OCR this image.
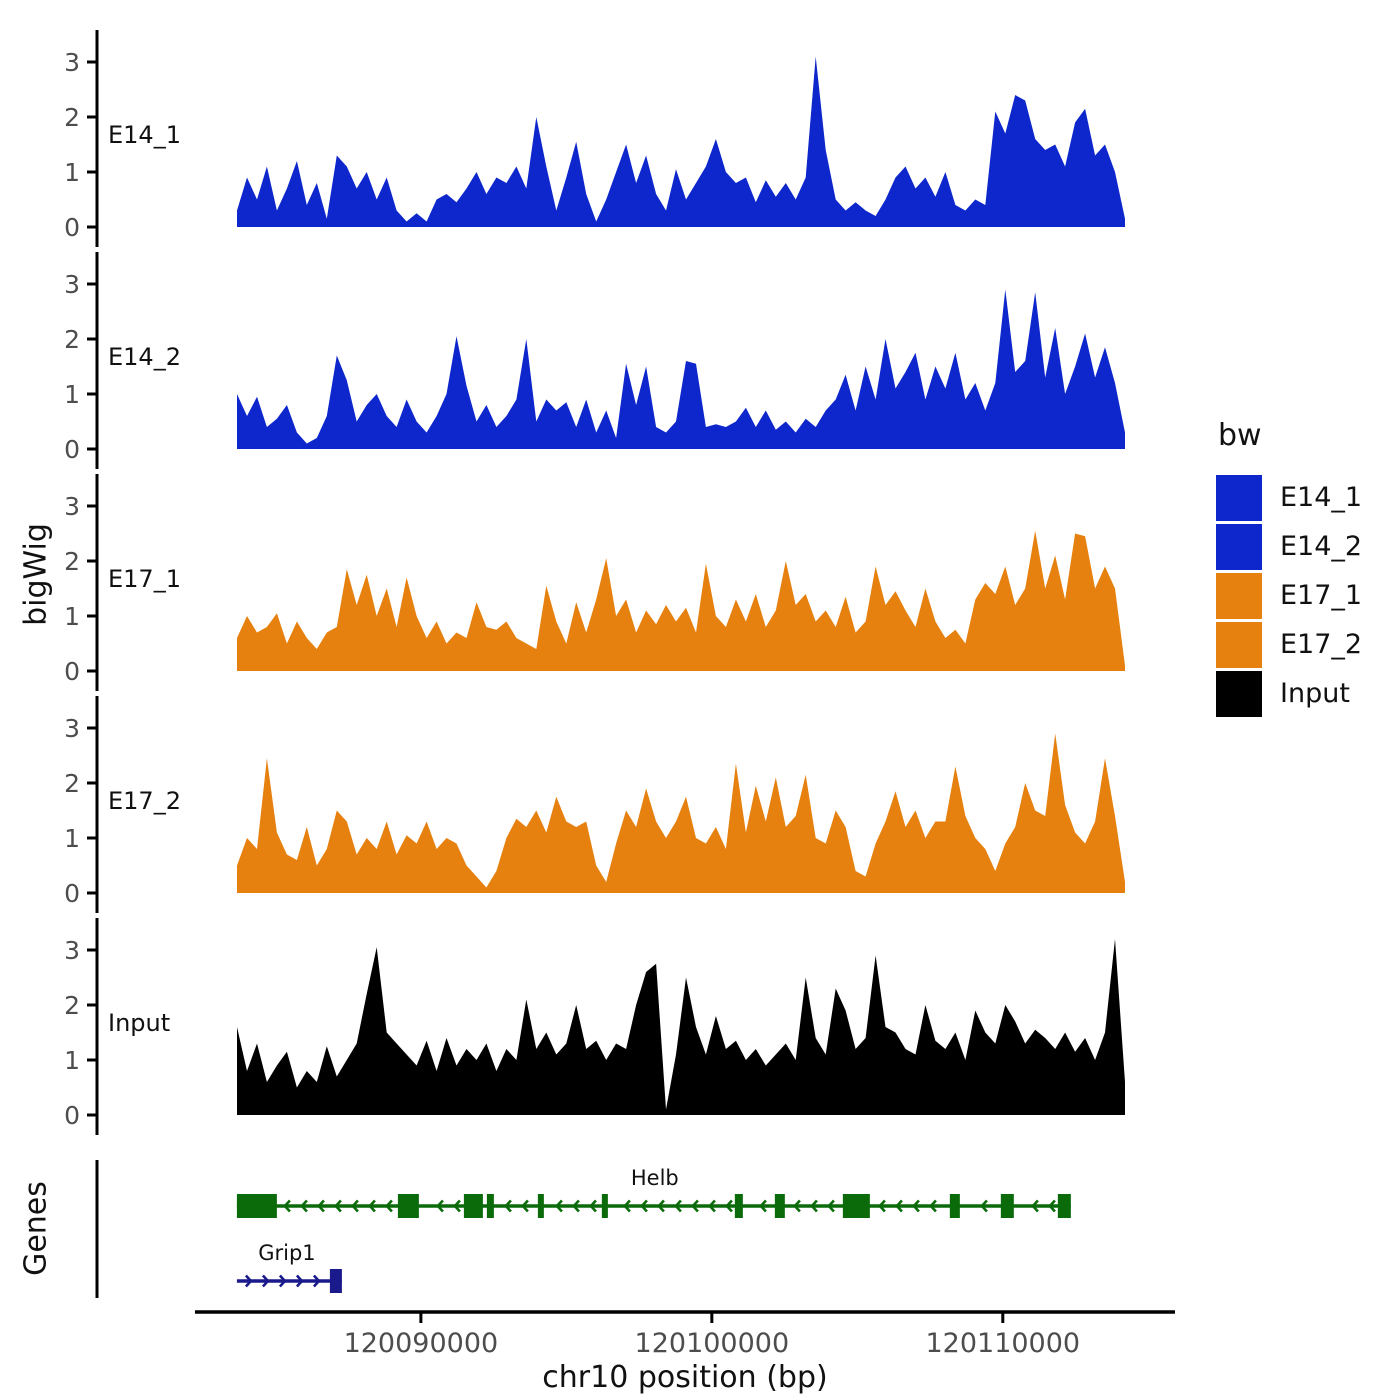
0
1
2
3
E14_1
0
1
2
3
E14_2
0
1
2
3
E17_1
0
1
2
3
E17_2
0
1
2
3
Input
Helb
Grip1
120090000	120100000	120110000
bigWig
Genes
chr10 position (bp)
bw
E14_1
E14_2
E17_1
E17_2
Input
